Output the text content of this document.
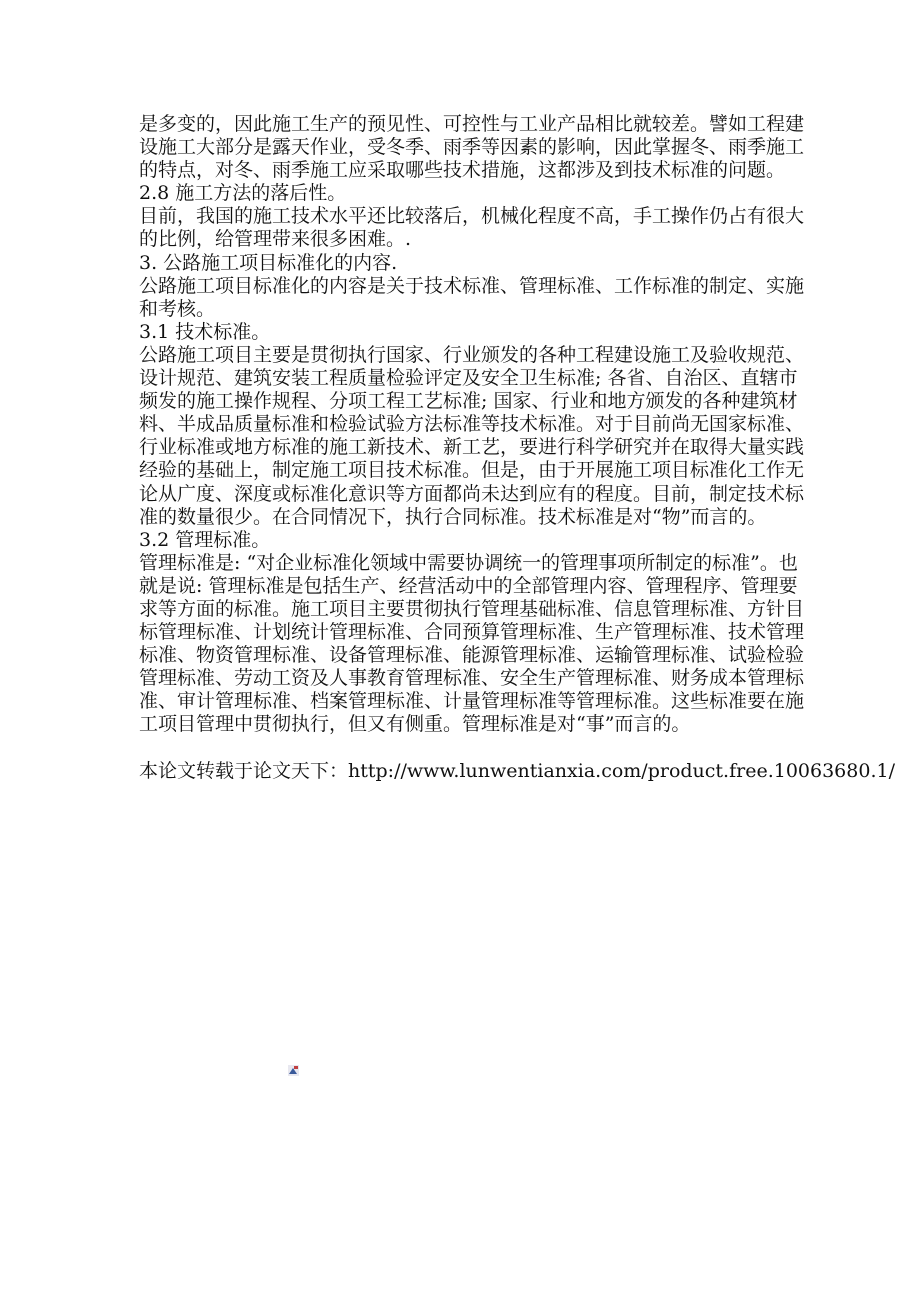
是多变的，因此施工生产的预见性、可控性与工业产品相比就较差。譬如工程建
设施工大部分是露天作业，受冬季、雨季等因素的影响，因此掌握冬、雨季施工
的特点，对冬、雨季施工应采取哪些技术措施，这都涉及到技术标准的问题。
2.8 施工方法的落后性。
目前，我国的施工技术水平还比较落后，机械化程度不高，手工操作仍占有很大
的比例，给管理带来很多困难。.
3. 公路施工项目标准化的内容.
公路施工项目标准化的内容是关于技术标准、管理标准、工作标准的制定、实施
和考核。
3.1 技术标准。
公路施工项目主要是贯彻执行国家、行业颁发的各种工程建设施工及验收规范、
设计规范、建筑安装工程质量检验评定及安全卫生标准; 各省、自治区、直辖市
频发的施工操作规程、分项工程工艺标准; 国家、行业和地方颁发的各种建筑材
料、半成品质量标准和检验试验方法标准等技术标准。对于目前尚无国家标准、
行业标准或地方标准的施工新技术、新工艺，要进行科学研究并在取得大量实践
经验的基础上，制定施工项目技术标准。但是，由于开展施工项目标准化工作无
论从广度、深度或标准化意识等方面都尚未达到应有的程度。目前，制定技术标
准的数量很少。在合同情况下，执行合同标准。技术标准是对“物”而言的。
3.2 管理标准。
管理标准是: “对企业标准化领域中需要协调统一的管理事项所制定的标准”。也
就是说: 管理标准是包括生产、经营活动中的全部管理内容、管理程序、管理要
求等方面的标准。施工项目主要贯彻执行管理基础标准、信息管理标准、方针目
标管理标准、计划统计管理标准、合同预算管理标准、生产管理标准、技术管理
标准、物资管理标准、设备管理标准、能源管理标准、运输管理标准、试验检验
管理标准、劳动工资及人事教育管理标准、安全生产管理标准、财务成本管理标
准、审计管理标准、档案管理标准、计量管理标准等管理标准。这些标准要在施
工项目管理中贯彻执行，但又有侧重。管理标准是对“事”而言的。
本论文转载于论文天下：http://www.lunwentianxia.com/product.free.10063680.1/
